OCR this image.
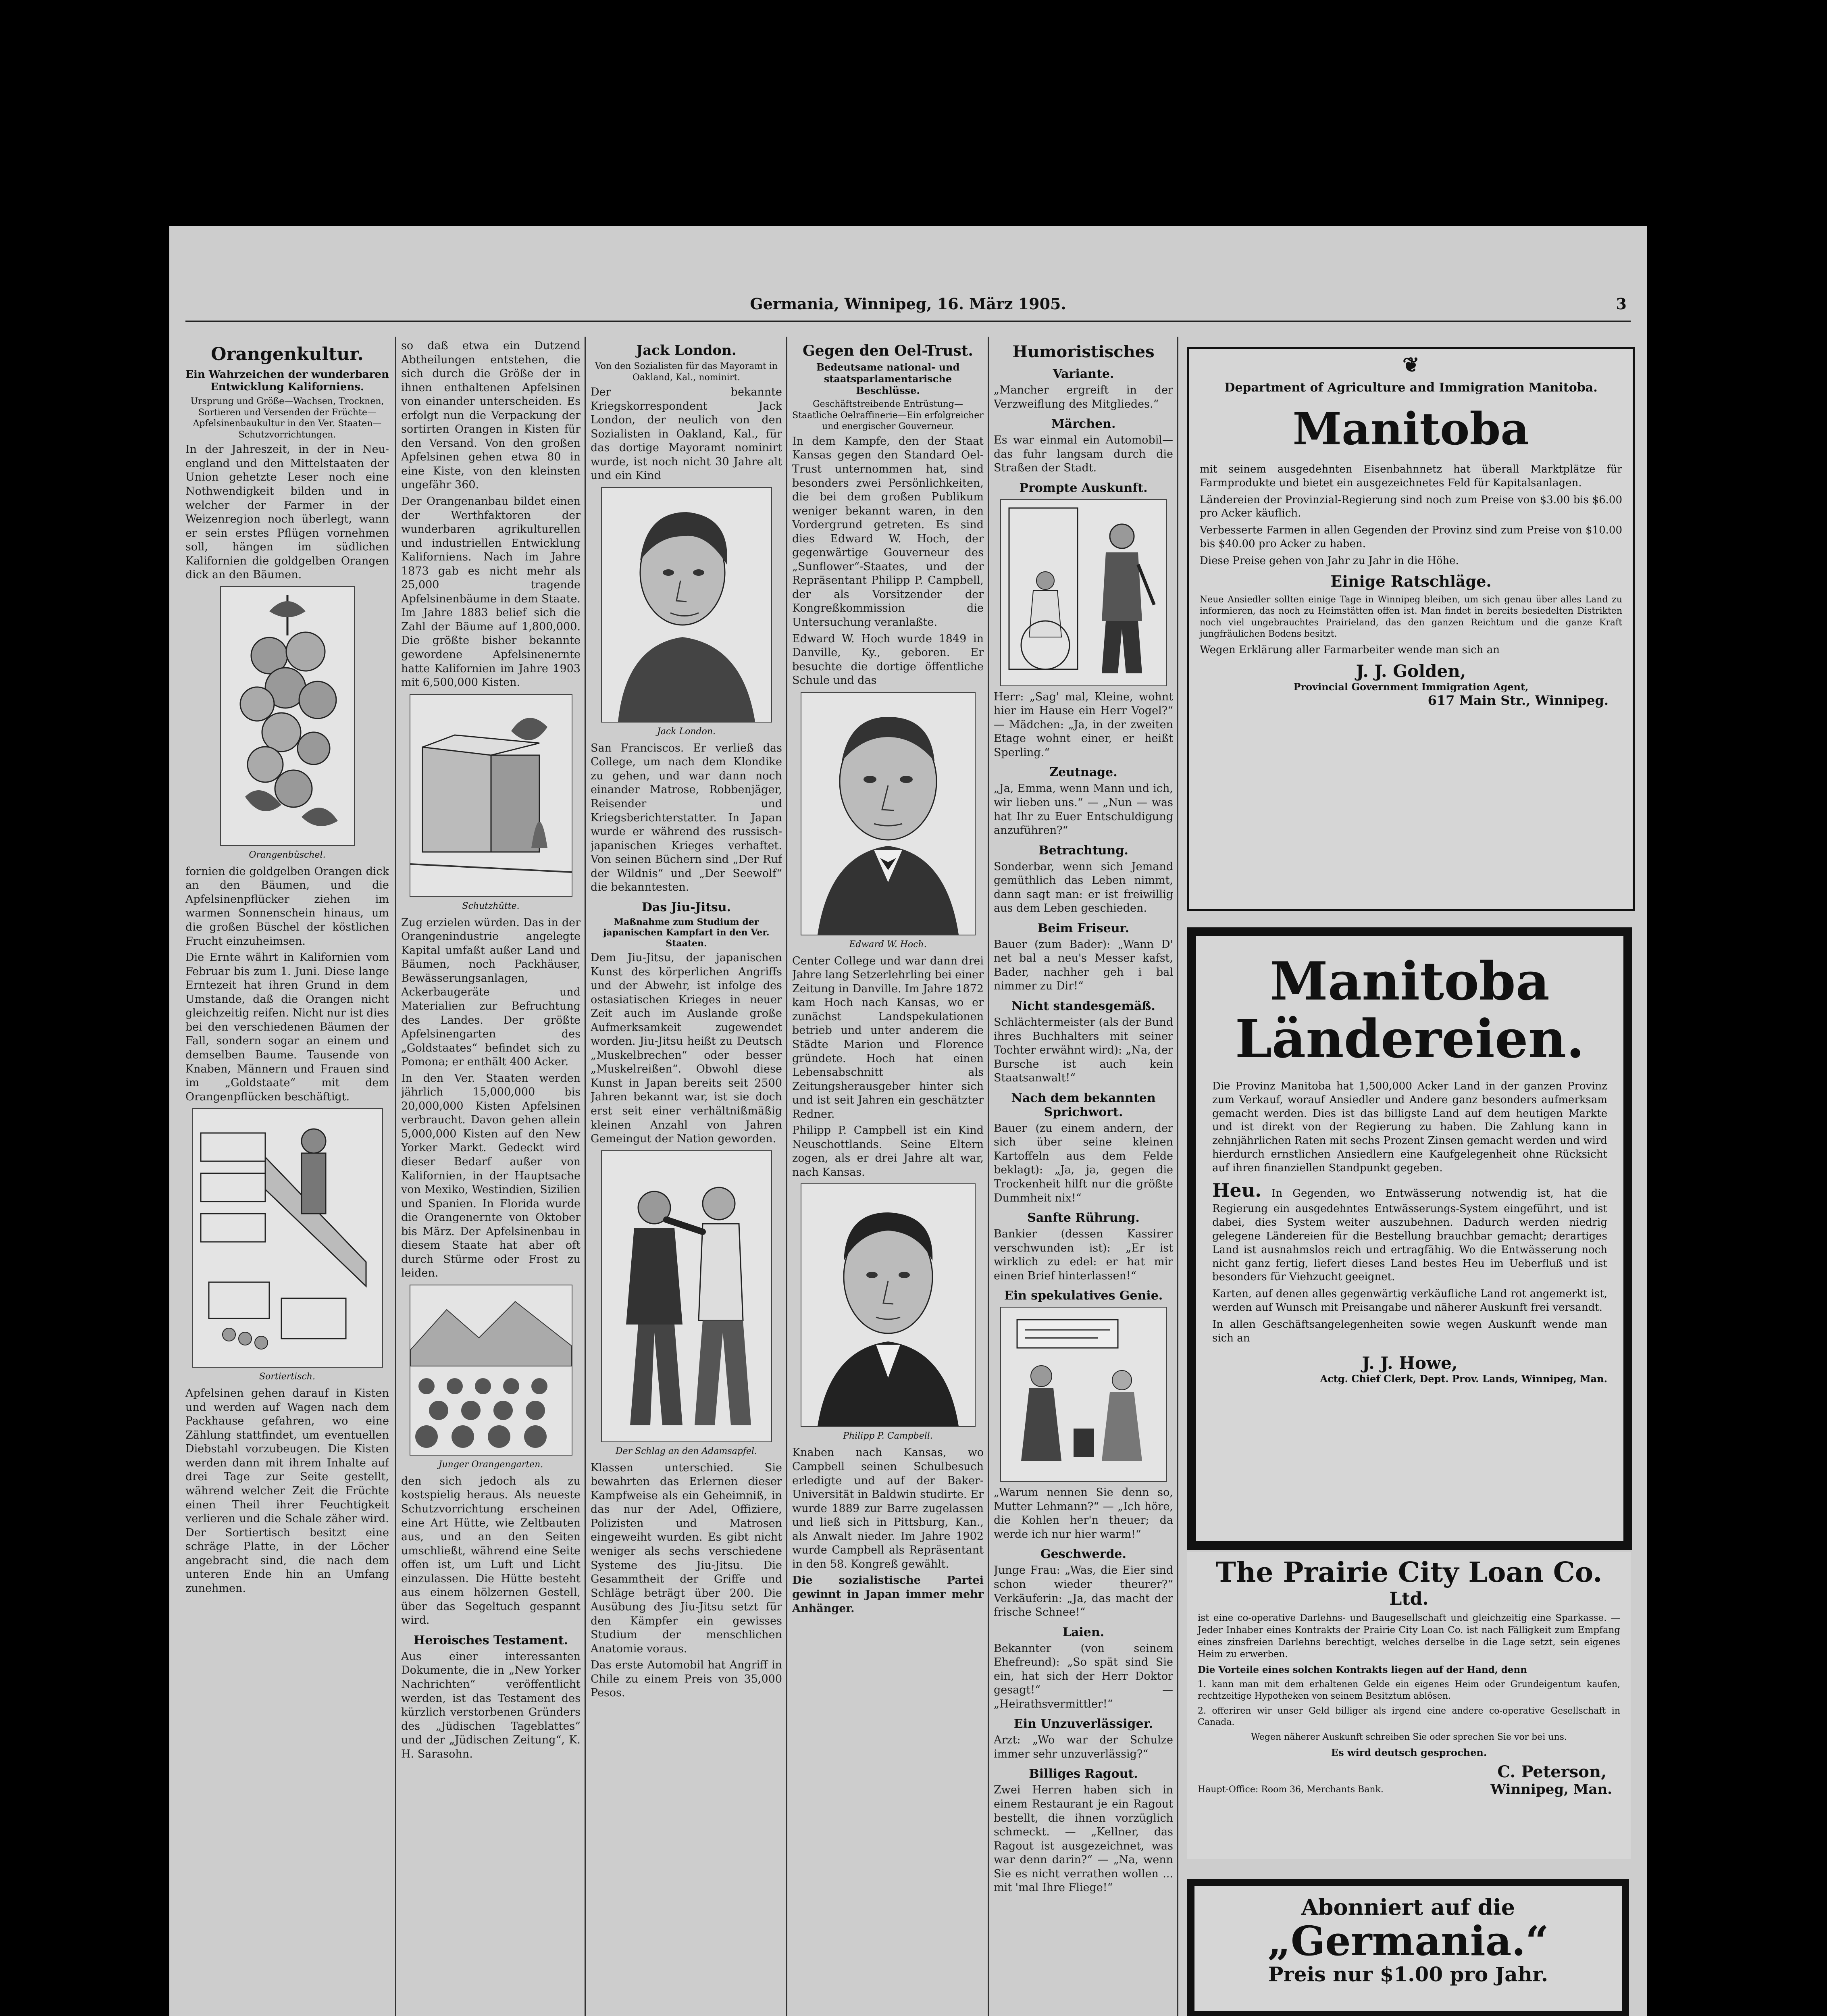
Germania, Winnipeg, 16. März 1905.	3
Orangenkultur.
Ein Wahrzeichen der wunderbaren Entwicklung Kaliforniens.
Ursprung und Größe—Wachsen, Trocknen, Sortieren und Versenden der Früchte—Apfelsinenbaukultur in den Ver. Staaten—Schutzvorrichtungen.
In der Jahreszeit, in der in Neu-england und den Mittelstaaten der Union gehetzte Leser noch eine Nothwendigkeit bilden und in welcher der Farmer in der Weizenregion noch überlegt, wann er sein erstes Pflügen vornehmen soll, hängen im südlichen Kalifornien die goldgelben Orangen dick an den Bäumen.
Orangenbüschel.
fornien die goldgelben Orangen dick an den Bäumen, und die Apfelsinenpflücker ziehen im warmen Sonnenschein hinaus, um die großen Büschel der köstlichen Frucht einzuheimsen.
Die Ernte währt in Kalifornien vom Februar bis zum 1. Juni. Diese lange Erntezeit hat ihren Grund in dem Umstande, daß die Orangen nicht gleichzeitig reifen. Nicht nur ist dies bei den verschiedenen Bäumen der Fall, sondern sogar an einem und demselben Baume. Tausende von Knaben, Männern und Frauen sind im „Goldstaate“ mit dem Orangenpflücken beschäftigt.
Sortiertisch.
Apfelsinen gehen darauf in Kisten und werden auf Wagen nach dem Packhause gefahren, wo eine Zählung stattfindet, um eventuellen Diebstahl vorzubeugen. Die Kisten werden dann mit ihrem Inhalte auf drei Tage zur Seite gestellt, während welcher Zeit die Früchte einen Theil ihrer Feuchtigkeit verlieren und die Schale zäher wird. Der Sortiertisch besitzt eine schräge Platte, in der Löcher angebracht sind, die nach dem unteren Ende hin an Umfang zunehmen.
so daß etwa ein Dutzend Abtheilungen entstehen, die sich durch die Größe der in ihnen enthaltenen Apfelsinen von einander unterscheiden. Es erfolgt nun die Verpackung der sortirten Orangen in Kisten für den Versand. Von den großen Apfelsinen gehen etwa 80 in eine Kiste, von den kleinsten ungefähr 360.
Der Orangenanbau bildet einen der Werthfaktoren der wunderbaren agrikulturellen und industriellen Entwicklung Kaliforniens. Nach im Jahre 1873 gab es nicht mehr als 25,000 tragende Apfelsinenbäume in dem Staate. Im Jahre 1883 belief sich die Zahl der Bäume auf 1,800,000. Die größte bisher bekannte gewordene Apfelsinenernte hatte Kalifornien im Jahre 1903 mit 6,500,000 Kisten.
Schutzhütte.
Zug erzielen würden. Das in der Orangenindustrie angelegte Kapital umfaßt außer Land und Bäumen, noch Packhäuser, Bewässerungsanlagen, Ackerbaugeräte und Materialien zur Befruchtung des Landes. Der größte Apfelsinengarten des „Goldstaates“ befindet sich zu Pomona; er enthält 400 Acker.
In den Ver. Staaten werden jährlich 15,000,000 bis 20,000,000 Kisten Apfelsinen verbraucht. Davon gehen allein 5,000,000 Kisten auf den New Yorker Markt. Gedeckt wird dieser Bedarf außer von Kalifornien, in der Hauptsache von Mexiko, Westindien, Sizilien und Spanien. In Florida wurde die Orangenernte von Oktober bis März. Der Apfelsinenbau in diesem Staate hat aber oft durch Stürme oder Frost zu leiden.
Junger Orangengarten.
den sich jedoch als zu kostspielig heraus. Als neueste Schutzvorrichtung erscheinen eine Art Hütte, wie Zeltbauten aus, und an den Seiten umschließt, während eine Seite offen ist, um Luft und Licht einzulassen. Die Hütte besteht aus einem hölzernen Gestell, über das Segeltuch gespannt wird.
Heroisches Testament.
Aus einer interessanten Dokumente, die in „New Yorker Nachrichten“ veröffentlicht werden, ist das Testament des kürzlich verstorbenen Gründers des „Jüdischen Tageblattes“ und der „Jüdischen Zeitung“, K. H. Sarasohn.
Jack London.
Von den Sozialisten für das Mayoramt in Oakland, Kal., nominirt.
Der bekannte Kriegskorrespondent Jack London, der neulich von den Sozialisten in Oakland, Kal., für das dortige Mayoramt nominirt wurde, ist noch nicht 30 Jahre alt und ein Kind
Jack London.
San Franciscos. Er verließ das College, um nach dem Klondike zu gehen, und war dann noch einander Matrose, Robbenjäger, Reisender und Kriegsberichterstatter. In Japan wurde er während des russisch-japanischen Krieges verhaftet. Von seinen Büchern sind „Der Ruf der Wildnis“ und „Der Seewolf“ die bekanntesten.
Das Jiu-Jitsu.
Maßnahme zum Studium der japanischen Kampfart in den Ver. Staaten.
Dem Jiu-Jitsu, der japanischen Kunst des körperlichen Angriffs und der Abwehr, ist infolge des ostasiatischen Krieges in neuer Zeit auch im Auslande große Aufmerksamkeit zugewendet worden. Jiu-Jitsu heißt zu Deutsch „Muskelbrechen“ oder besser „Muskelreißen“. Obwohl diese Kunst in Japan bereits seit 2500 Jahren bekannt war, ist sie doch erst seit einer verhältnißmäßig kleinen Anzahl von Jahren Gemeingut der Nation geworden.
Der Schlag an den Adamsapfel.
Klassen unterschied. Sie bewahrten das Erlernen dieser Kampfweise als ein Geheimniß, in das nur der Adel, Offiziere, Polizisten und Matrosen eingeweiht wurden. Es gibt nicht weniger als sechs verschiedene Systeme des Jiu-Jitsu. Die Gesammtheit der Griffe und Schläge beträgt über 200. Die Ausübung des Jiu-Jitsu setzt für den Kämpfer ein gewisses Studium der menschlichen Anatomie voraus.
Das erste Automobil hat Angriff in Chile zu einem Preis von 35,000 Pesos.
Gegen den Oel-Trust.
Bedeutsame national- und staatsparlamentarische Beschlüsse.
Geschäftstreibende Entrüstung—Staatliche Oelraffinerie—Ein erfolgreicher und energischer Gouverneur.
In dem Kampfe, den der Staat Kansas gegen den Standard Oel-Trust unternommen hat, sind besonders zwei Persönlichkeiten, die bei dem großen Publikum weniger bekannt waren, in den Vordergrund getreten. Es sind dies Edward W. Hoch, der gegenwärtige Gouverneur des „Sunflower“-Staates, und der Repräsentant Philipp P. Campbell, der als Vorsitzender der Kongreßkommission die Untersuchung veranlaßte.
Edward W. Hoch wurde 1849 in Danville, Ky., geboren. Er besuchte die dortige öffentliche Schule und das
Edward W. Hoch.
Center College und war dann drei Jahre lang Setzerlehrling bei einer Zeitung in Danville. Im Jahre 1872 kam Hoch nach Kansas, wo er zunächst Landspekulationen betrieb und unter anderem die Städte Marion und Florence gründete. Hoch hat einen Lebensabschnitt als Zeitungsherausgeber hinter sich und ist seit Jahren ein geschätzter Redner.
Philipp P. Campbell ist ein Kind Neuschottlands. Seine Eltern zogen, als er drei Jahre alt war, nach Kansas.
Philipp P. Campbell.
Knaben nach Kansas, wo Campbell seinen Schulbesuch erledigte und auf der Baker-Universität in Baldwin studirte. Er wurde 1889 zur Barre zugelassen und ließ sich in Pittsburg, Kan., als Anwalt nieder. Im Jahre 1902 wurde Campbell als Repräsentant in den 58. Kongreß gewählt.
Die sozialistische Partei gewinnt in Japan immer mehr Anhänger.
Humoristisches
Variante.
„Mancher ergreift in der Verzweiflung des Mitgliedes.“
Märchen.
Es war einmal ein Automobil—das fuhr langsam durch die Straßen der Stadt.
Prompte Auskunft.
Herr: „Sag' mal, Kleine, wohnt hier im Hause ein Herr Vogel?“ — Mädchen: „Ja, in der zweiten Etage wohnt einer, er heißt Sperling.“
Zeutnage.
„Ja, Emma, wenn Mann und ich, wir lieben uns.“ — „Nun — was hat Ihr zu Euer Entschuldigung anzuführen?“
Betrachtung.
Sonderbar, wenn sich Jemand gemüthlich das Leben nimmt, dann sagt man: er ist freiwillig aus dem Leben geschieden.
Beim Friseur.
Bauer (zum Bader): „Wann D' net bal a neu's Messer kafst, Bader, nachher geh i bal nimmer zu Dir!“
Nicht standesgemäß.
Schlächtermeister (als der Bund ihres Buchhalters mit seiner Tochter erwähnt wird): „Na, der Bursche ist auch kein Staatsanwalt!“
Nach dem bekannten Sprichwort.
Bauer (zu einem andern, der sich über seine kleinen Kartoffeln aus dem Felde beklagt): „Ja, ja, gegen die Trockenheit hilft nur die größte Dummheit nix!“
Sanfte Rührung.
Bankier (dessen Kassirer verschwunden ist): „Er ist wirklich zu edel: er hat mir einen Brief hinterlassen!“
Ein spekulatives Genie.
„Warum nennen Sie denn so, Mutter Lehmann?“ — „Ich höre, die Kohlen her'n theuer; da werde ich nur hier warm!“
Geschwerde.
Junge Frau: „Was, die Eier sind schon wieder theurer?“ Verkäuferin: „Ja, das macht der frische Schnee!“
Laien.
Bekannter (von seinem Ehefreund): „So spät sind Sie ein, hat sich der Herr Doktor gesagt!“ — „Heirathsvermittler!“
Ein Unzuverlässiger.
Arzt: „Wo war der Schulze immer sehr unzuverlässig?“
Billiges Ragout.
Zwei Herren haben sich in einem Restaurant je ein Ragout bestellt, die ihnen vorzüglich schmeckt. — „Kellner, das Ragout ist ausgezeichnet, was war denn darin?“ — „Na, wenn Sie es nicht verrathen wollen ... mit 'mal Ihre Fliege!“
❦
Department of Agriculture and Immigration Manitoba.
Manitoba

mit seinem ausgedehnten Eisenbahnnetz hat überall Marktplätze für Farmprodukte und bietet ein ausgezeichnetes Feld für Kapitalsanlagen.

Ländereien der Provinzial-Regierung sind noch zum Preise von $3.00 bis $6.00 pro Acker käuflich.

Verbesserte Farmen in allen Gegenden der Provinz sind zum Preise von $10.00 bis $40.00 pro Acker zu haben.

Diese Preise gehen von Jahr zu Jahr in die Höhe.

Einige Ratschläge.

Neue Ansiedler sollten einige Tage in Winnipeg bleiben, um sich genau über alles Land zu informieren, das noch zu Heimstätten offen ist. Man findet in bereits besiedelten Distrikten noch viel ungebrauchtes Prairieland, das den ganzen Reichtum und die ganze Kraft jungfräulichen Bodens besitzt.

Wegen Erklärung aller Farmarbeiter wende man sich an

J. J. Golden,
Provincial Government Immigration Agent,
617 Main Str., Winnipeg.
Manitoba
Ländereien.

Die Provinz Manitoba hat 1,500,000 Acker Land in der ganzen Provinz zum Verkauf, worauf Ansiedler und Andere ganz besonders aufmerksam gemacht werden. Dies ist das billigste Land auf dem heutigen Markte und ist direkt von der Regierung zu haben. Die Zahlung kann in zehnjährlichen Raten mit sechs Prozent Zinsen gemacht werden und wird hierdurch ernstlichen Ansiedlern eine Kaufgelegenheit ohne Rücksicht auf ihren finanziellen Standpunkt gegeben.

Heu. In Gegenden, wo Entwässerung notwendig ist, hat die Regierung ein ausgedehntes Entwässerungs-System eingeführt, und ist dabei, dies System weiter auszubehnen. Dadurch werden niedrig gelegene Ländereien für die Bestellung brauchbar gemacht; derartiges Land ist ausnahmslos reich und ertragfähig. Wo die Entwässerung noch nicht ganz fertig, liefert dieses Land bestes Heu im Ueberfluß und ist besonders für Viehzucht geeignet.

Karten, auf denen alles gegenwärtig verkäufliche Land rot angemerkt ist, werden auf Wunsch mit Preisangabe und näherer Auskunft frei versandt.

In allen Geschäftsangelegenheiten sowie wegen Auskunft wende man sich an

J. J. Howe,
Actg. Chief Clerk, Dept. Prov. Lands, Winnipeg, Man.
The Prairie City Loan Co.
Ltd.

ist eine co-operative Darlehns- und Baugesellschaft und gleichzeitig eine Sparkasse. — Jeder Inhaber eines Kontrakts der Prairie City Loan Co. ist nach Fälligkeit zum Empfang eines zinsfreien Darlehns berechtigt, welches derselbe in die Lage setzt, sein eigenes Heim zu erwerben.

Die Vorteile eines solchen Kontrakts liegen auf der Hand, denn

1. kann man mit dem erhaltenen Gelde ein eigenes Heim oder Grundeigentum kaufen, rechtzeitige Hypotheken von seinem Besitztum ablösen.

2. offeriren wir unser Geld billiger als irgend eine andere co-operative Gesellschaft in Canada.

Wegen näherer Auskunft schreiben Sie oder sprechen Sie vor bei uns.

Es wird deutsch gesprochen.

C. Peterson,
Haupt-Office: Room 36, Merchants Bank.	Winnipeg, Man.
Abonniert auf die
„Germania.“
Preis nur $1.00 pro Jahr.
